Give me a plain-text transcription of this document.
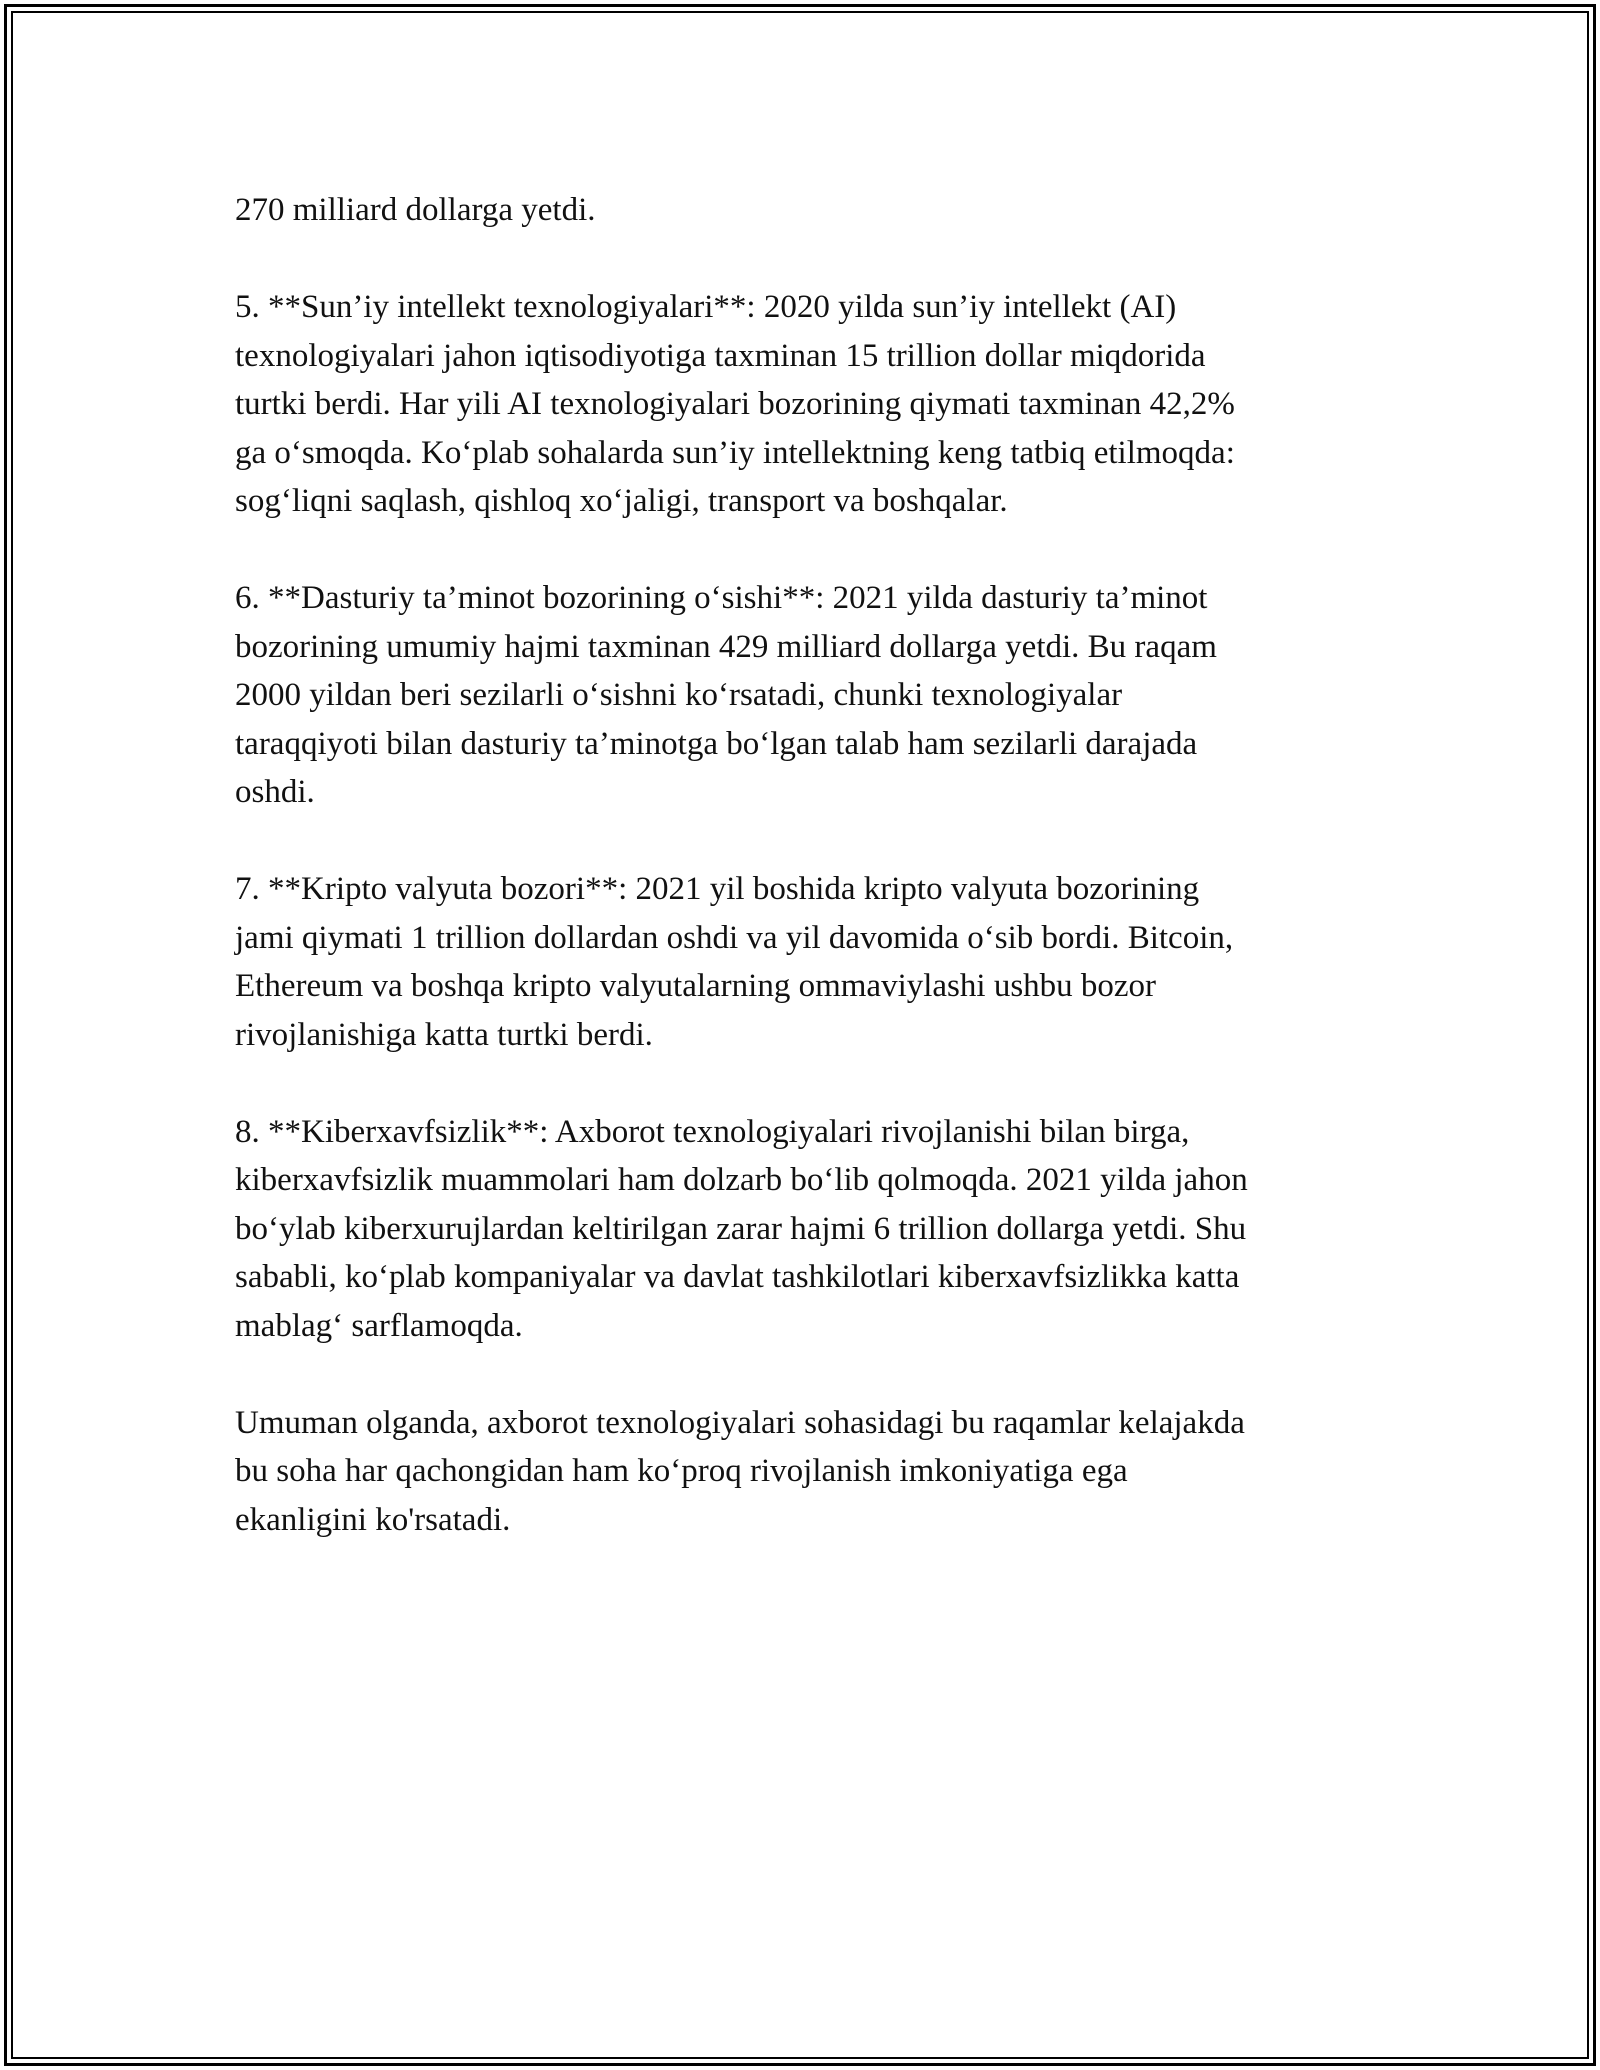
270 milliard dollarga yetdi.

5. **Sun’iy intellekt texnologiyalari**: 2020 yilda sun’iy intellekt (AI)
texnologiyalari jahon iqtisodiyotiga taxminan 15 trillion dollar miqdorida
turtki berdi. Har yili AI texnologiyalari bozorining qiymati taxminan 42,2%
ga o‘smoqda. Ko‘plab sohalarda sun’iy intellektning keng tatbiq etilmoqda:
sog‘liqni saqlash, qishloq xo‘jaligi, transport va boshqalar.

6. **Dasturiy ta’minot bozorining o‘sishi**: 2021 yilda dasturiy ta’minot
bozorining umumiy hajmi taxminan 429 milliard dollarga yetdi. Bu raqam
2000 yildan beri sezilarli o‘sishni ko‘rsatadi, chunki texnologiyalar
taraqqiyoti bilan dasturiy ta’minotga bo‘lgan talab ham sezilarli darajada
oshdi.

7. **Kripto valyuta bozori**: 2021 yil boshida kripto valyuta bozorining
jami qiymati 1 trillion dollardan oshdi va yil davomida o‘sib bordi. Bitcoin,
Ethereum va boshqa kripto valyutalarning ommaviylashi ushbu bozor
rivojlanishiga katta turtki berdi.

8. **Kiberxavfsizlik**: Axborot texnologiyalari rivojlanishi bilan birga,
kiberxavfsizlik muammolari ham dolzarb bo‘lib qolmoqda. 2021 yilda jahon
bo‘ylab kiberxurujlardan keltirilgan zarar hajmi 6 trillion dollarga yetdi. Shu
sababli, ko‘plab kompaniyalar va davlat tashkilotlari kiberxavfsizlikka katta
mablag‘ sarflamoqda.

Umuman olganda, axborot texnologiyalari sohasidagi bu raqamlar kelajakda
bu soha har qachongidan ham ko‘proq rivojlanish imkoniyatiga ega
ekanligini ko'rsatadi.
